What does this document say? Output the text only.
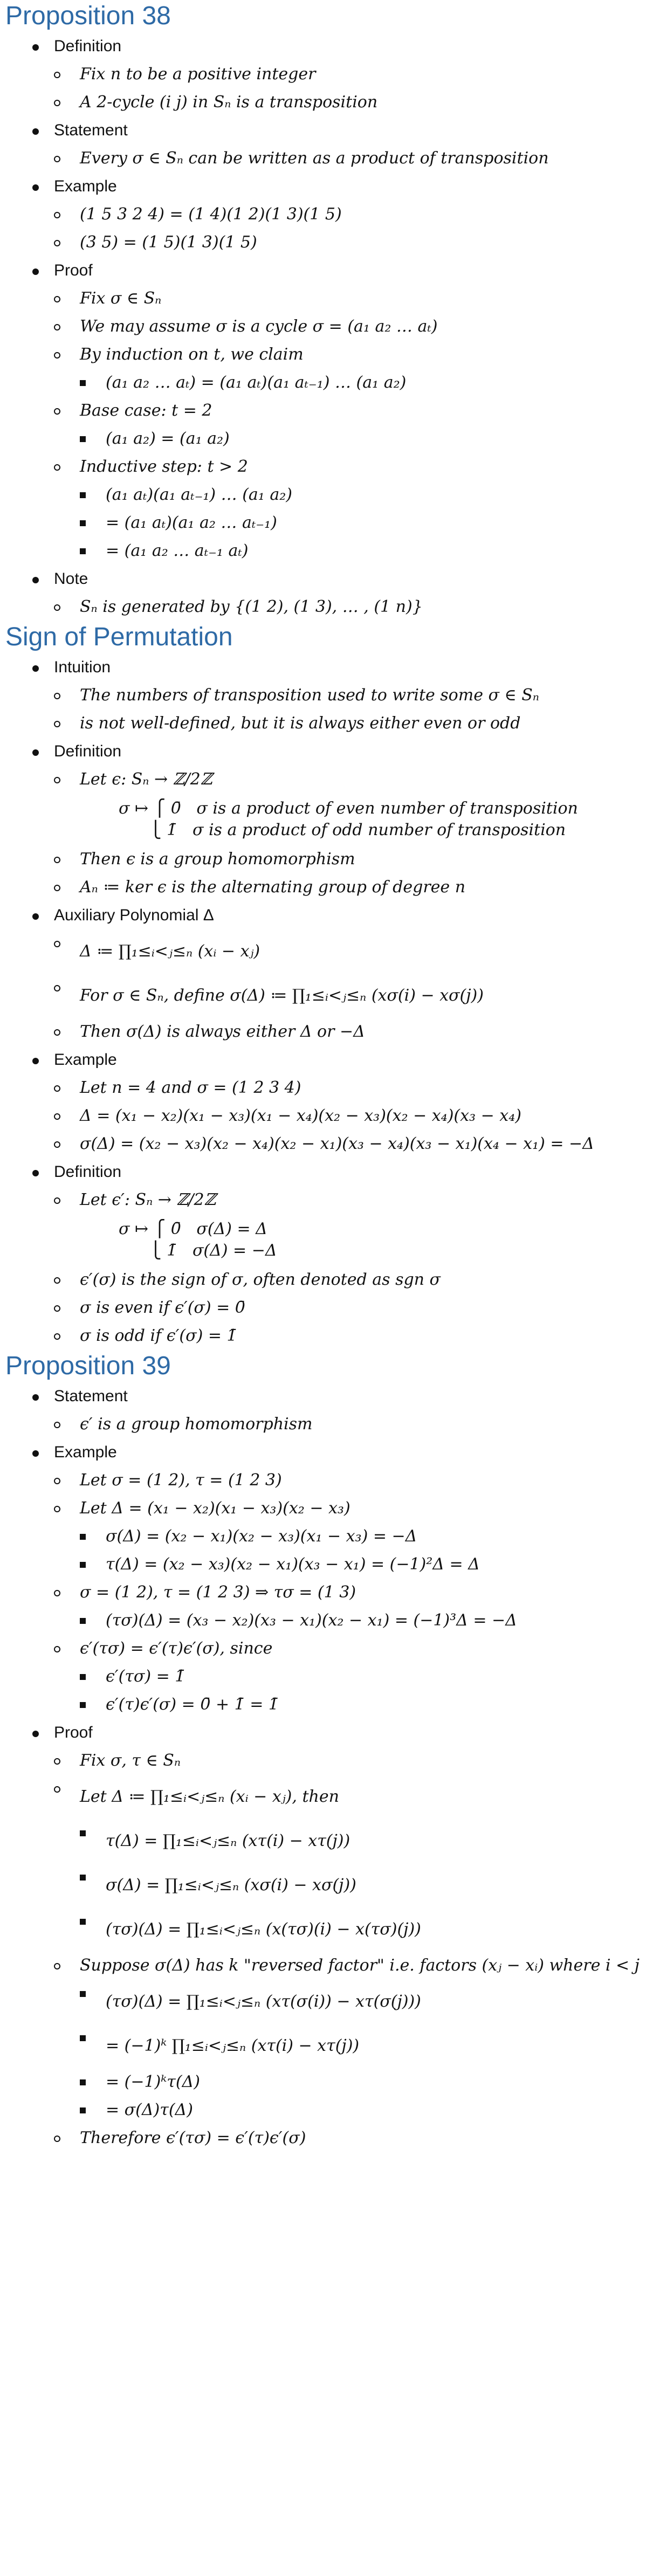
Proposition 38
Definition
Fix n to be a positive integer
A 2-cycle (i j) in Sₙ is a transposition
Statement
Every σ ∈ Sₙ can be written as a product of transposition
Example
(1 5 3 2 4) = (1 4)(1 2)(1 3)(1 5)
(3 5) = (1 5)(1 3)(1 5)
Proof
Fix σ ∈ Sₙ
We may assume σ is a cycle σ = (a₁ a₂ … aₜ)
By induction on t, we claim
(a₁ a₂ … aₜ) = (a₁ aₜ)(a₁ aₜ₋₁) … (a₁ a₂)
Base case: t = 2
(a₁ a₂) = (a₁ a₂)
Inductive step: t > 2
(a₁ aₜ)(a₁ aₜ₋₁) … (a₁ a₂)
= (a₁ aₜ)(a₁ a₂ … aₜ₋₁)
= (a₁ a₂ … aₜ₋₁ aₜ)
Note
Sₙ is generated by {(1 2), (1 3), … , (1 n)}
Sign of Permutation
Intuition
The numbers of transposition used to write some σ ∈ Sₙ
is not well-defined, but it is always either even or odd
Definition
Let ϵ: Sₙ → ℤ/2ℤ
σ ↦ ⎧ 0̄   σ is a product of even number of transposition
⎩ 1̄   σ is a product of odd number of transposition
Then ϵ is a group homomorphism
Aₙ ≔ ker ϵ is the alternating group of degree n
Auxiliary Polynomial Δ
Δ ≔ ∏₁≤ᵢ<ⱼ≤ₙ (xᵢ − xⱼ)
For σ ∈ Sₙ, define σ(Δ) ≔ ∏₁≤ᵢ<ⱼ≤ₙ (xσ(i) − xσ(j))
Then σ(Δ) is always either Δ or −Δ
Example
Let n = 4 and σ = (1 2 3 4)
Δ = (x₁ − x₂)(x₁ − x₃)(x₁ − x₄)(x₂ − x₃)(x₂ − x₄)(x₃ − x₄)
σ(Δ) = (x₂ − x₃)(x₂ − x₄)(x₂ − x₁)(x₃ − x₄)(x₃ − x₁)(x₄ − x₁) = −Δ
Definition
Let ϵ′: Sₙ → ℤ/2ℤ
σ ↦ ⎧ 0̄   σ(Δ) = Δ
⎩ 1̄   σ(Δ) = −Δ
ϵ′(σ) is the sign of σ, often denoted as sgn σ
σ is even if ϵ′(σ) = 0̄
σ is odd if ϵ′(σ) = 1̄
Proposition 39
Statement
ϵ′ is a group homomorphism
Example
Let σ = (1 2), τ = (1 2 3)
Let Δ = (x₁ − x₂)(x₁ − x₃)(x₂ − x₃)
σ(Δ) = (x₂ − x₁)(x₂ − x₃)(x₁ − x₃) = −Δ
τ(Δ) = (x₂ − x₃)(x₂ − x₁)(x₃ − x₁) = (−1)²Δ = Δ
σ = (1 2), τ = (1 2 3) ⇒ τσ = (1 3)
(τσ)(Δ) = (x₃ − x₂)(x₃ − x₁)(x₂ − x₁) = (−1)³Δ = −Δ
ϵ′(τσ) = ϵ′(τ)ϵ′(σ), since
ϵ′(τσ) = 1̄
ϵ′(τ)ϵ′(σ) = 0̄ + 1̄ = 1̄
Proof
Fix σ, τ ∈ Sₙ
Let Δ ≔ ∏₁≤ᵢ<ⱼ≤ₙ (xᵢ − xⱼ), then
τ(Δ) = ∏₁≤ᵢ<ⱼ≤ₙ (xτ(i) − xτ(j))
σ(Δ) = ∏₁≤ᵢ<ⱼ≤ₙ (xσ(i) − xσ(j))
(τσ)(Δ) = ∏₁≤ᵢ<ⱼ≤ₙ (x(τσ)(i) − x(τσ)(j))
Suppose σ(Δ) has k "reversed factor" i.e. factors (xⱼ − xᵢ) where i < j
(τσ)(Δ) = ∏₁≤ᵢ<ⱼ≤ₙ (xτ(σ(i)) − xτ(σ(j)))
= (−1)ᵏ ∏₁≤ᵢ<ⱼ≤ₙ (xτ(i) − xτ(j))
= (−1)ᵏτ(Δ)
= σ(Δ)τ(Δ)
Therefore ϵ′(τσ) = ϵ′(τ)ϵ′(σ)
